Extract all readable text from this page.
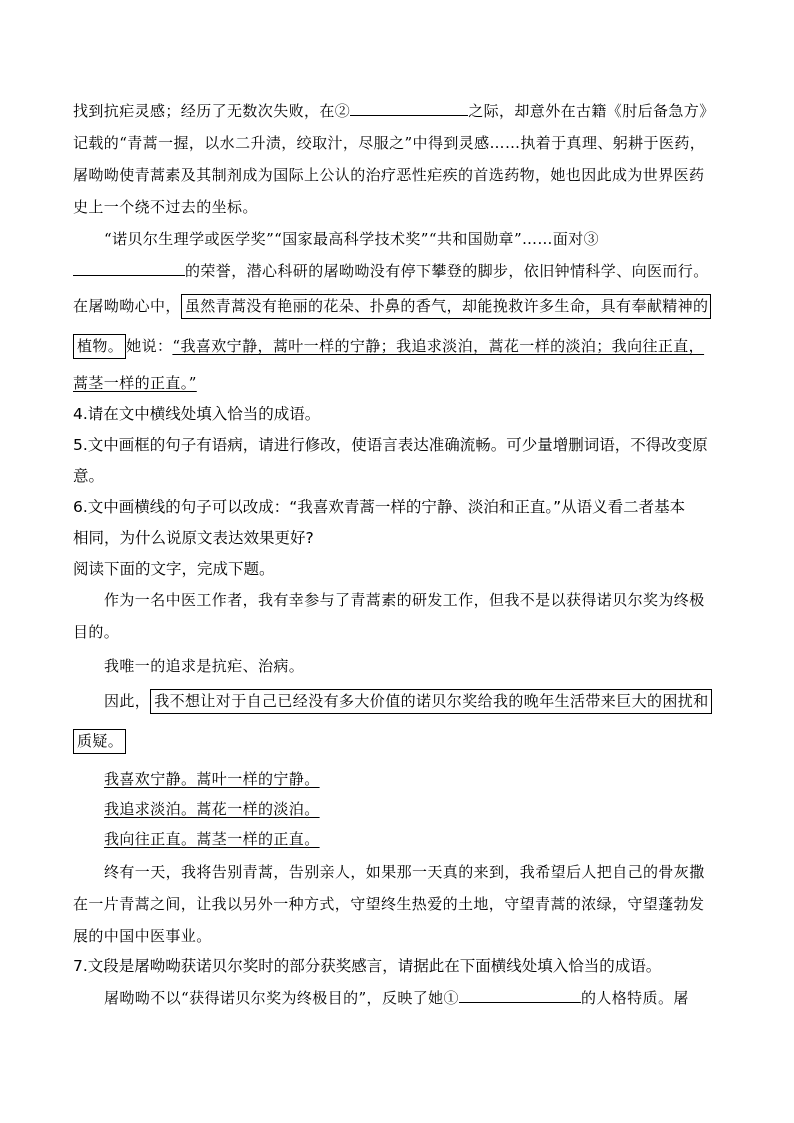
找到抗疟灵感；经历了无数次失败，在②	之际，却意外在古籍《肘后备急方》
记载的“青蒿一握，以水二升渍，绞取汁，尽服之”中得到灵感……执着于真理、躬耕于医药，
屠呦呦使青蒿素及其制剂成为国际上公认的治疗恶性疟疾的首选药物，她也因此成为世界医药
史上一个绕不过去的坐标。
“诺贝尔生理学或医学奖”“国家最高科学技术奖”“共和国勋章”……面对③
的荣誉，潜心科研的屠呦呦没有停下攀登的脚步，依旧钟情科学、向医而行。
在屠呦呦心中， 虽然青蒿没有艳丽的花朵、扑鼻的香气，却能挽救许多生命，具有奉献精神的
植物。 她说：“我喜欢宁静，蒿叶一样的宁静；我追求淡泊，蒿花一样的淡泊；我向往正直，
蒿茎一样的正直。”
4.请在文中横线处填入恰当的成语。
5.文中画框的句子有语病，请进行修改，使语言表达准确流畅。可少量增删词语，不得改变原
意。
6.文中画横线的句子可以改成：“我喜欢青蒿一样的宁静、淡泊和正直。”从语义看二者基本
相同，为什么说原文表达效果更好?
阅读下面的文字，完成下题。
作为一名中医工作者，我有幸参与了青蒿素的研发工作，但我不是以获得诺贝尔奖为终极
目的。
我唯一的追求是抗疟、治病。
因此， 我不想让对于自己已经没有多大价值的诺贝尔奖给我的晚年生活带来巨大的困扰和
质疑。
我喜欢宁静。蒿叶一样的宁静。
我追求淡泊。蒿花一样的淡泊。
我向往正直。蒿茎一样的正直。
终有一天，我将告别青蒿，告别亲人，如果那一天真的来到，我希望后人把自己的骨灰撒
在一片青蒿之间，让我以另外一种方式，守望终生热爱的土地，守望青蒿的浓绿，守望蓬勃发
展的中国中医事业。
7.文段是屠呦呦获诺贝尔奖时的部分获奖感言，请据此在下面横线处填入恰当的成语。
屠呦呦不以“获得诺贝尔奖为终极目的”，反映了她①	的人格特质。屠
